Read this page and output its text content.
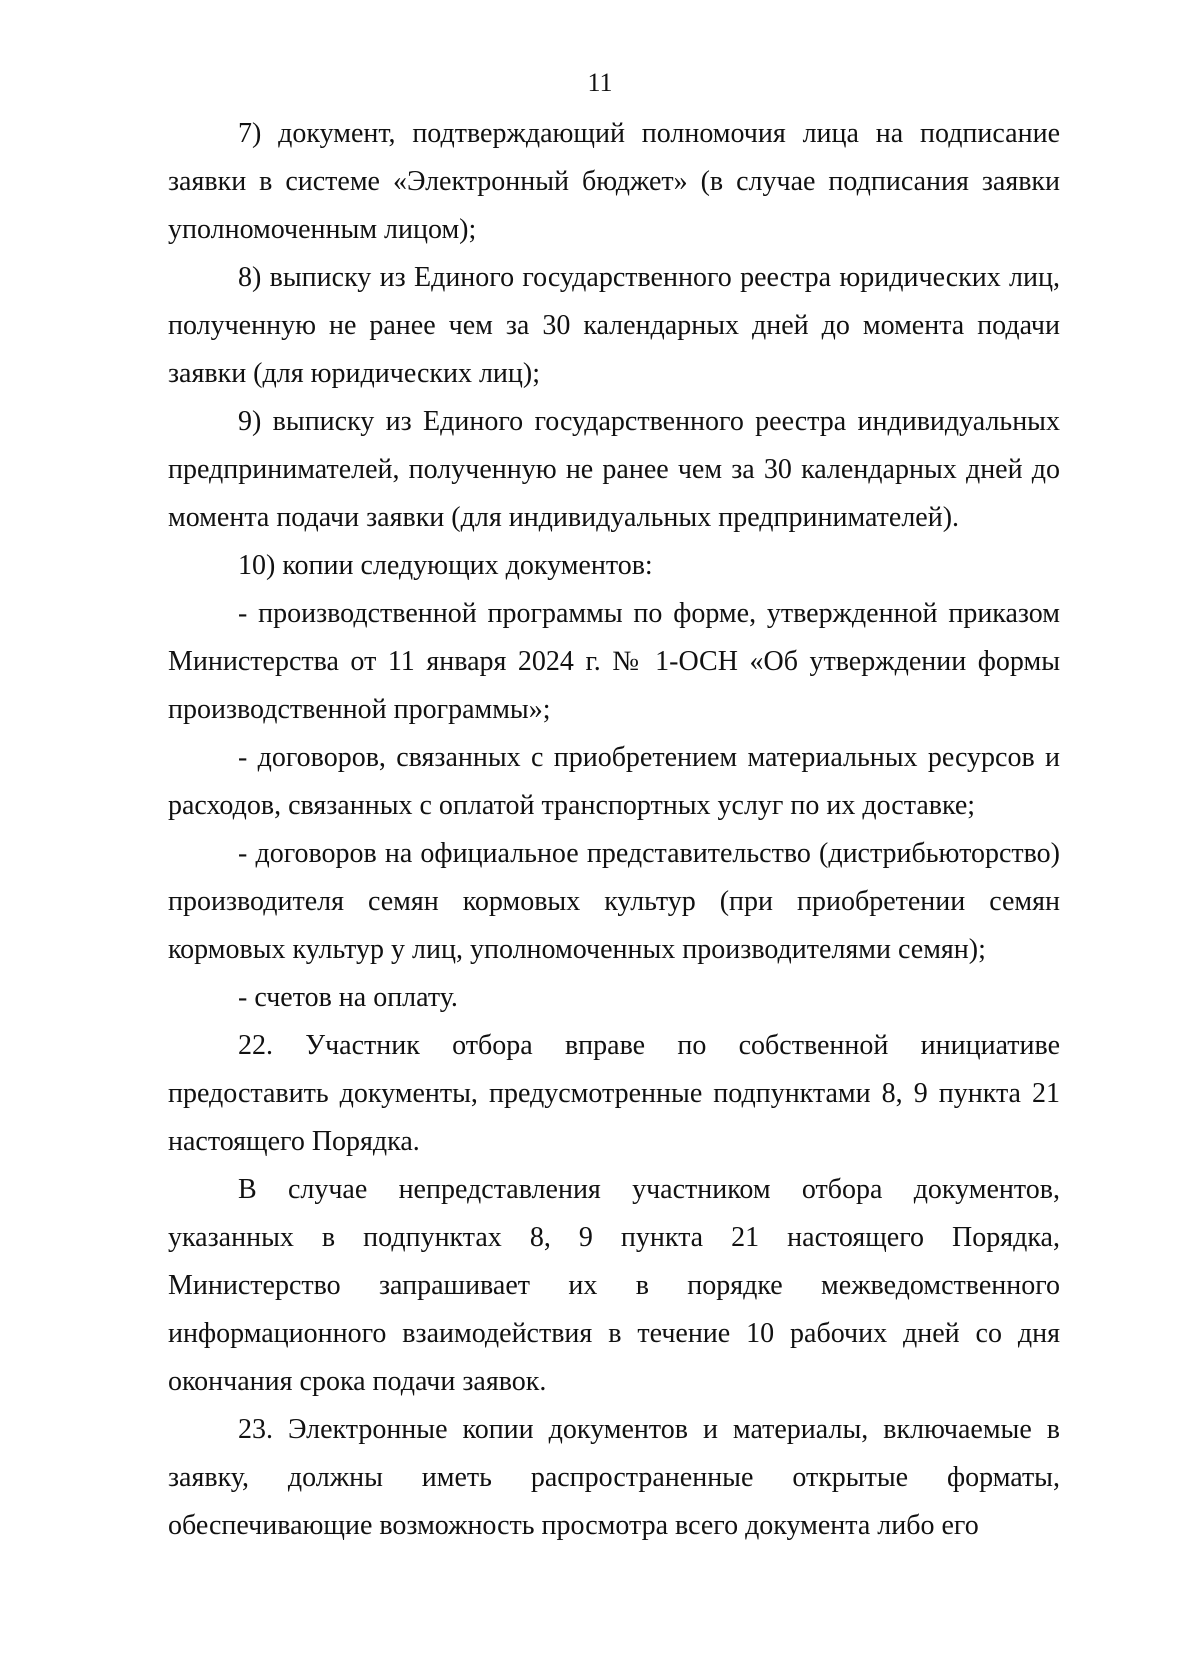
11

7) документ, подтверждающий полномочия лица на подписание заявки в системе «Электронный бюджет» (в случае подписания заявки уполномоченным лицом);

8) выписку из Единого государственного реестра юридических лиц, полученную не ранее чем за 30 календарных дней до момента подачи заявки (для юридических лиц);

9) выписку из Единого государственного реестра индивидуальных предпринимателей, полученную не ранее чем за 30 календарных дней до момента подачи заявки (для индивидуальных предпринимателей).

10) копии следующих документов:

- производственной программы по форме, утвержденной приказом Министерства от 11 января 2024 г. № 1-ОСН «Об утверждении формы производственной программы»;

- договоров, связанных с приобретением материальных ресурсов и расходов, связанных с оплатой транспортных услуг по их доставке;

- договоров на официальное представительство (дистрибьюторство) производителя семян кормовых культур (при приобретении семян кормовых культур у лиц, уполномоченных производителями семян);

- счетов на оплату.

22. Участник отбора вправе по собственной инициативе предоставить документы, предусмотренные подпунктами 8, 9 пункта 21 настоящего Порядка.

В случае непредставления участником отбора документов, указанных в подпунктах 8, 9 пункта 21 настоящего Порядка, Министерство запрашивает их в порядке межведомственного информационного взаимодействия в течение 10 рабочих дней со дня окончания срока подачи заявок.

23. Электронные копии документов и материалы, включаемые в заявку, должны иметь распространенные открытые форматы, обеспечивающие возможность просмотра всего документа либо его
